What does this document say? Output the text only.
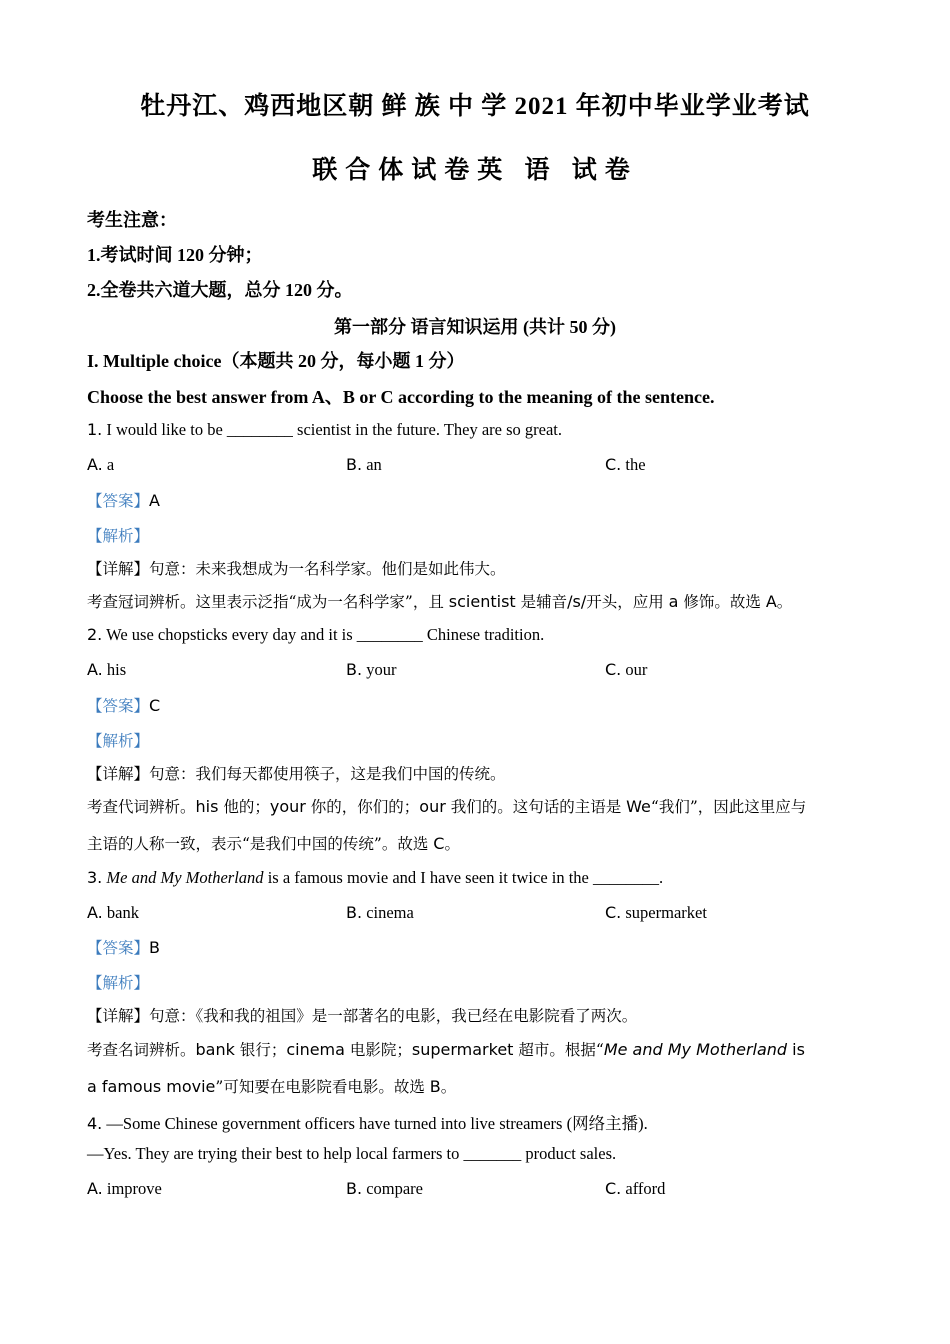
牡丹江、鸡西地区朝 鲜 族 中 学 2021 年初中毕业学业考试
联合体试卷英 语 试卷
考生注意：
1.考试时间 120 分钟；
2.全卷共六道大题，总分 120 分。
第一部分 语言知识运用 (共计 50 分)
I. Multiple choice（本题共 20 分，每小题 1 分）
Choose the best answer from A、B or C according to the meaning of the sentence.
1. I would like to be ________ scientist in the future. They are so great.
A. a	B. an	C. the
【答案】A
【解析】
【详解】句意：未来我想成为一名科学家。他们是如此伟大。
考查冠词辨析。这里表示泛指“成为一名科学家”，且 scientist 是辅音/s/开头，应用 a 修饰。故选 A。
2. We use chopsticks every day and it is ________ Chinese tradition.
A. his	B. your	C. our
【答案】C
【解析】
【详解】句意：我们每天都使用筷子，这是我们中国的传统。
考查代词辨析。his 他的；your 你的，你们的；our 我们的。这句话的主语是 We“我们”，因此这里应与
主语的人称一致，表示“是我们中国的传统”。故选 C。
3. Me and My Motherland is a famous movie and I have seen it twice in the ________.
A. bank	B. cinema	C. supermarket
【答案】B
【解析】
【详解】句意：《我和我的祖国》是一部著名的电影，我已经在电影院看了两次。
考查名词辨析。bank 银行；cinema 电影院；supermarket 超市。根据“Me and My Motherland is
a famous movie”可知要在电影院看电影。故选 B。
4. —Some Chinese government officers have turned into live streamers (网络主播).
—Yes. They are trying their best to help local farmers to _______ product sales.
A. improve	B. compare	C. afford
